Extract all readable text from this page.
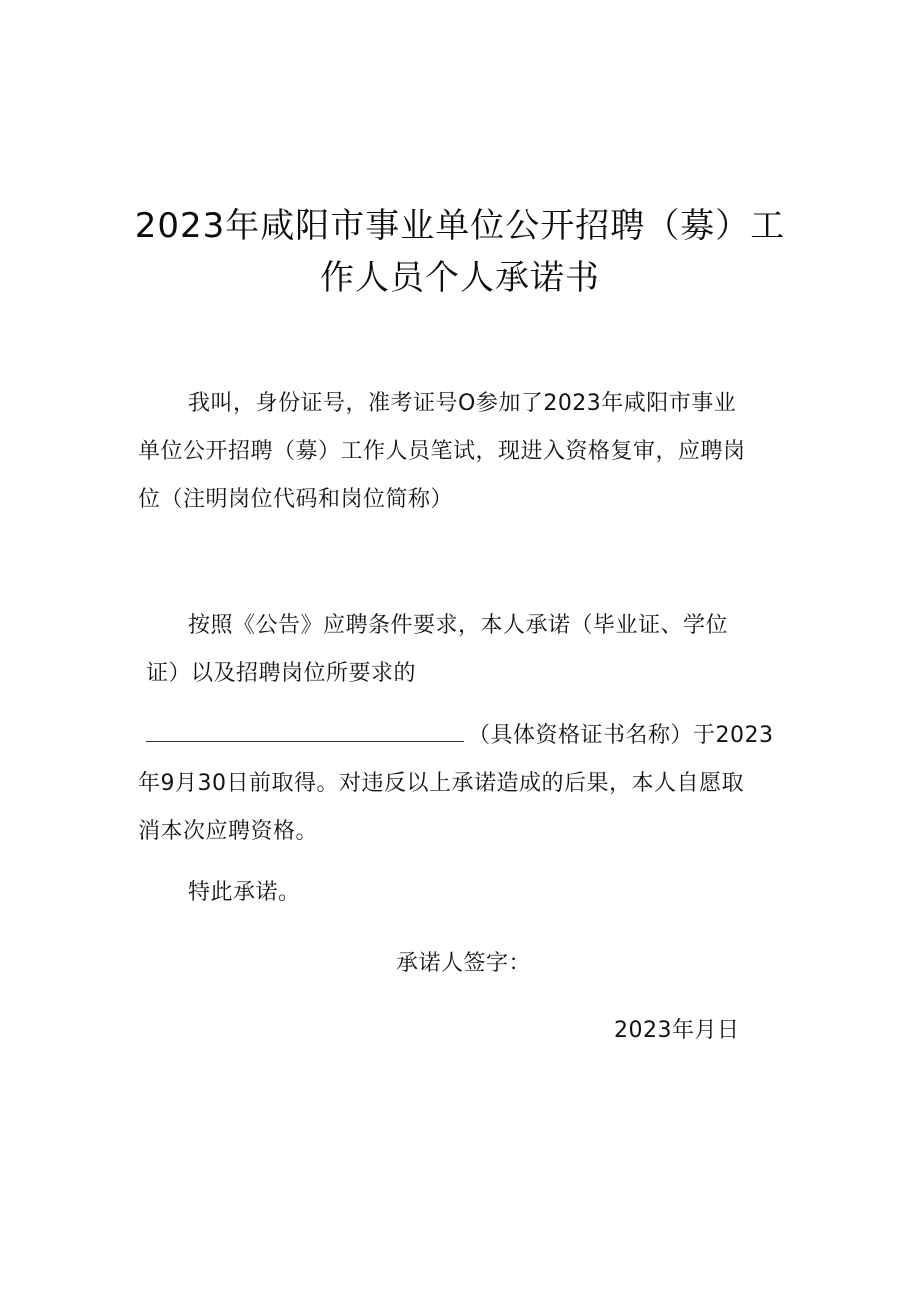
2023年咸阳市事业单位公开招聘（募）工
作人员个人承诺书
我叫，身份证号，准考证号O参加了2023年咸阳市事业
单位公开招聘（募）工作人员笔试，现进入资格复审，应聘岗
位（注明岗位代码和岗位简称）
按照《公告》应聘条件要求，本人承诺（毕业证、学位
证）以及招聘岗位所要求的
（具体资格证书名称）于2023
年9月30日前取得。对违反以上承诺造成的后果，本人自愿取
消本次应聘资格。
特此承诺。
承诺人签字：
2023年月日
